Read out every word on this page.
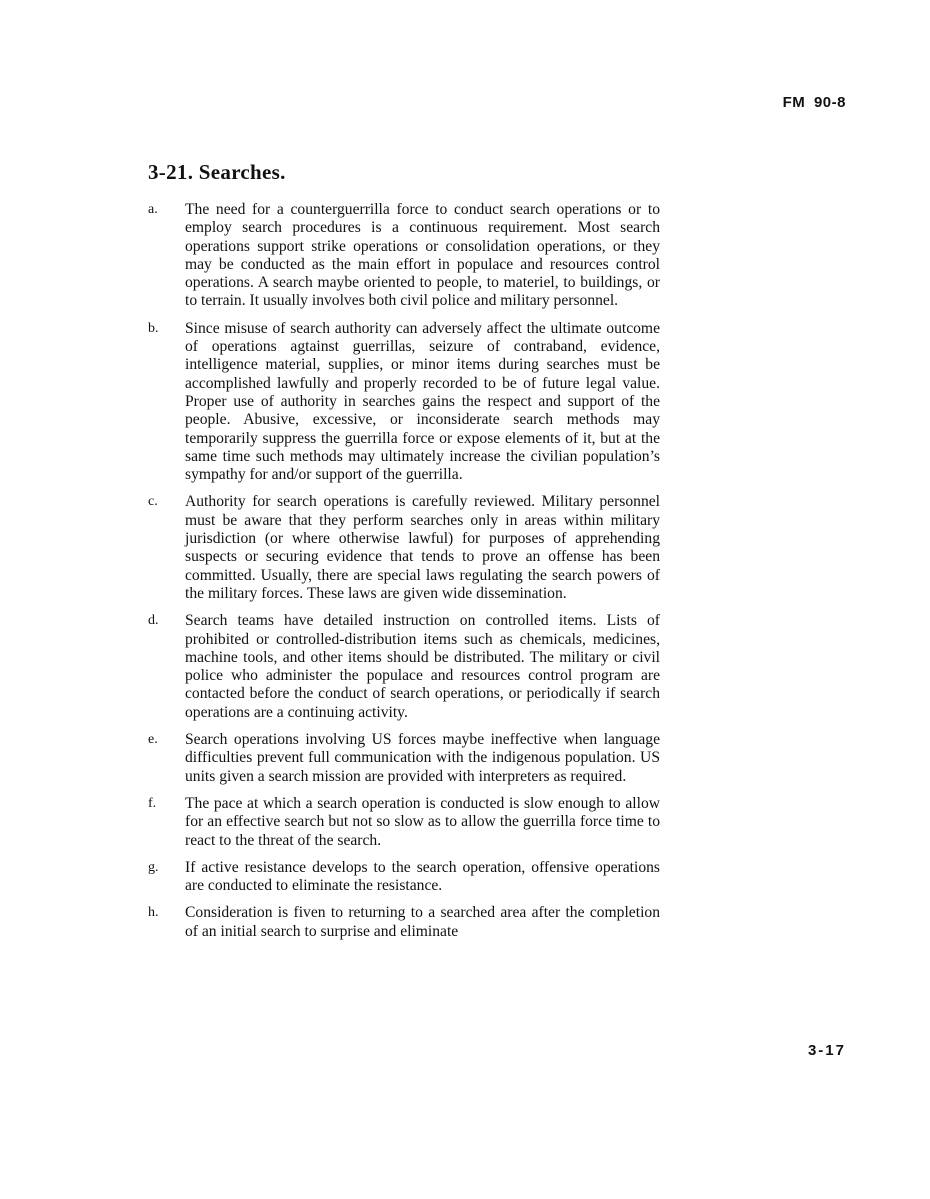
FM 90-8
3-21. Searches.
a. The need for a counterguerrilla force to conduct search operations or to employ search procedures is a continuous requirement. Most search operations support strike operations or consolidation operations, or they may be conducted as the main effort in populace and resources control operations. A search maybe oriented to people, to materiel, to buildings, or to terrain. It usually involves both civil police and military personnel.
b. Since misuse of search authority can adversely affect the ultimate outcome of operations agtainst guerrillas, seizure of contraband, evidence, intelligence material, supplies, or minor items during searches must be accomplished lawfully and properly recorded to be of future legal value. Proper use of authority in searches gains the respect and support of the people. Abusive, excessive, or inconsiderate search methods may temporarily suppress the guerrilla force or expose elements of it, but at the same time such methods may ultimately increase the civilian population’s sympathy for and/or support of the guerrilla.
c. Authority for search operations is carefully reviewed. Military personnel must be aware that they perform searches only in areas within military jurisdiction (or where otherwise lawful) for purposes of apprehending suspects or securing evidence that tends to prove an offense has been committed. Usually, there are special laws regulating the search powers of the military forces. These laws are given wide dissemination.
d. Search teams have detailed instruction on controlled items. Lists of prohibited or controlled-distribution items such as chemicals, medicines, machine tools, and other items should be distributed. The military or civil police who administer the populace and resources control program are contacted before the conduct of search operations, or periodically if search operations are a continuing activity.
e. Search operations involving US forces maybe ineffective when language difficulties prevent full communication with the indigenous population. US units given a search mission are provided with interpreters as required.
f. The pace at which a search operation is conducted is slow enough to allow for an effective search but not so slow as to allow the guerrilla force time to react to the threat of the search.
g. If active resistance develops to the search operation, offensive operations are conducted to eliminate the resistance.
h. Consideration is fiven to returning to a searched area after the completion of an initial search to surprise and eliminate
3-17
